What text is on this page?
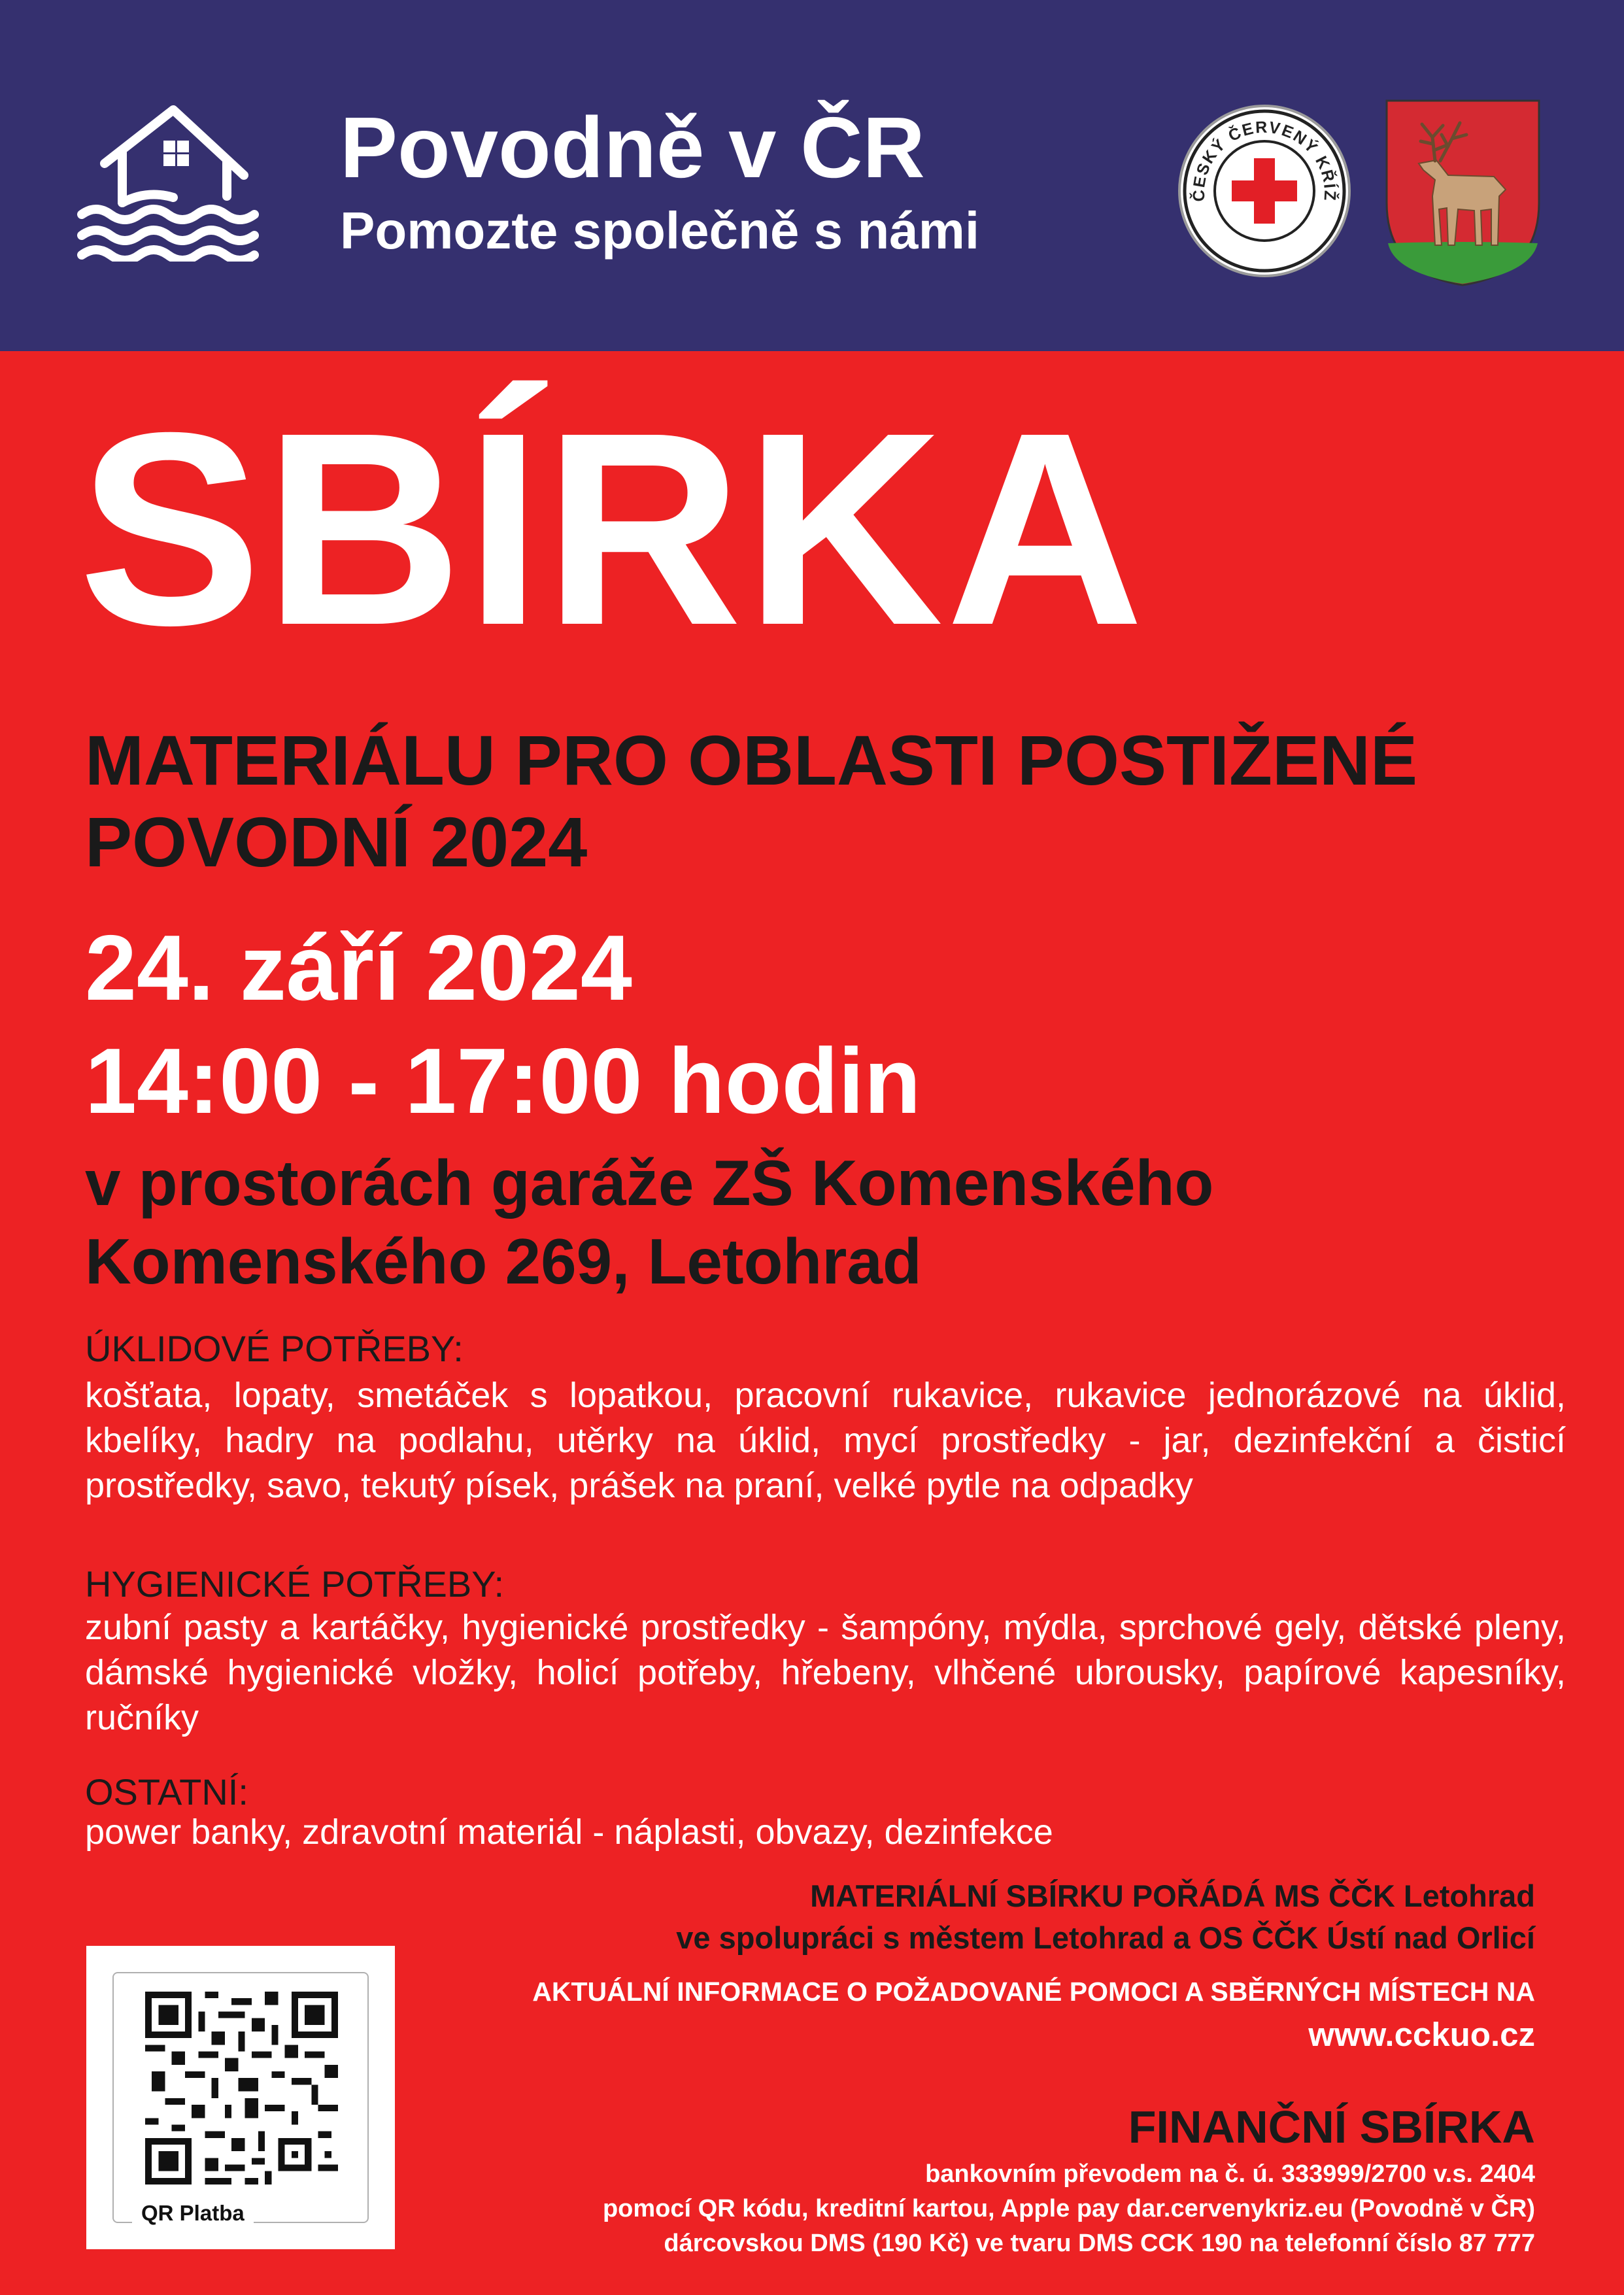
Povodně v ČR
Pomozte společně s námi
ČESKÝ ČERVENÝ KŘÍŽ
SBÍRKA
MATERIÁLU PRO OBLASTI POSTIŽENÉ
POVODNÍ 2024
24. září 2024
14:00 - 17:00 hodin
v prostorách garáže ZŠ Komenského
Komenského 269, Letohrad
ÚKLIDOVÉ POTŘEBY:
košťata, lopaty, smetáček s lopatkou, pracovní rukavice, rukavice jednorázové na úklid, kbelíky, hadry na podlahu, utěrky na úklid, mycí prostředky - jar, dezinfekční a čisticí prostředky, savo, tekutý písek, prášek na praní, velké pytle na odpadky
HYGIENICKÉ POTŘEBY:
zubní pasty a kartáčky, hygienické prostředky - šampóny, mýdla, sprchové gely, dětské pleny, dámské hygienické vložky, holicí potřeby, hřebeny, vlhčené ubrousky, papírové kapesníky, ručníky
OSTATNÍ:
power banky, zdravotní materiál - náplasti, obvazy, dezinfekce
MATERIÁLNÍ SBÍRKU POŘÁDÁ MS ČČK Letohrad
ve spolupráci s městem Letohrad a OS ČČK Ústí nad Orlicí
AKTUÁLNÍ INFORMACE O POŽADOVANÉ POMOCI A SBĚRNÝCH MÍSTECH NA
www.cckuo.cz
FINANČNÍ SBÍRKA
bankovním převodem na č. ú. 333999/2700 v.s. 2404
pomocí QR kódu, kreditní kartou, Apple pay dar.cervenykriz.eu (Povodně v ČR)
dárcovskou DMS (190 Kč) ve tvaru DMS CCK 190 na telefonní číslo 87 777
QR Platba
